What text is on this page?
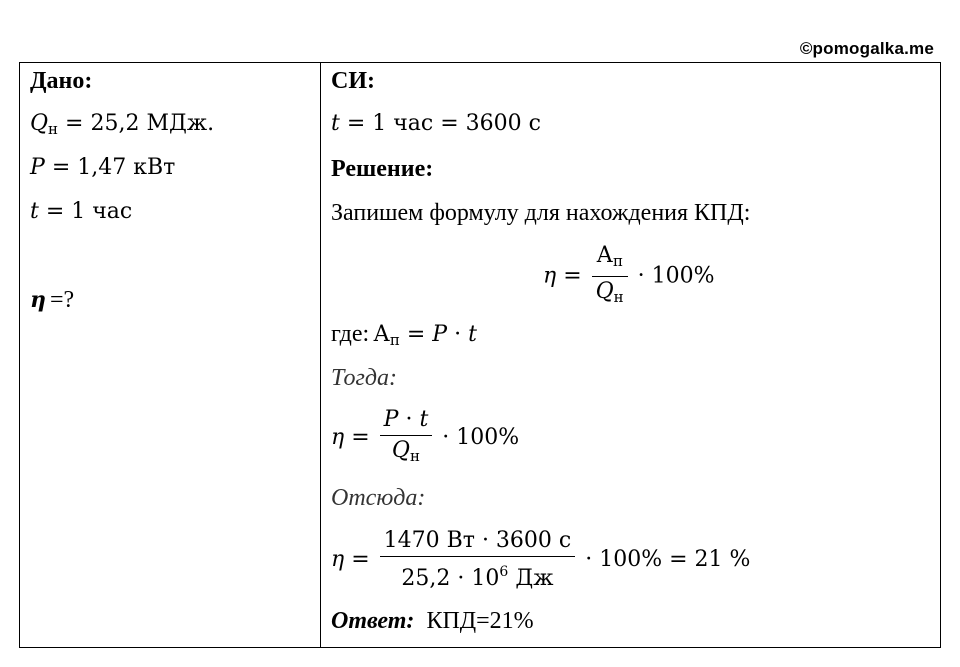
©pomogalka.me
Дано:
$Q_н = 25,2$ МДж.
P = 1,47 кВт
t = 1 час
η =?
СИ:
t = 1 час = 3600 с
Решение:
Запишем формулу для нахождения КПД:
$\eta = \frac{А_п}{Q_н} \cdot 100\%$
где: $А_п = P \cdot t$
Тогда:
$\eta = \frac{P \cdot t}{Q_н} \cdot 100\%$
Отсюда:
$\eta = \frac{1470 Вт \cdot 3600 с}{25,2 \cdot 10^6 Дж} \cdot 100\% = 21$ %
Ответ: КПД=21%
